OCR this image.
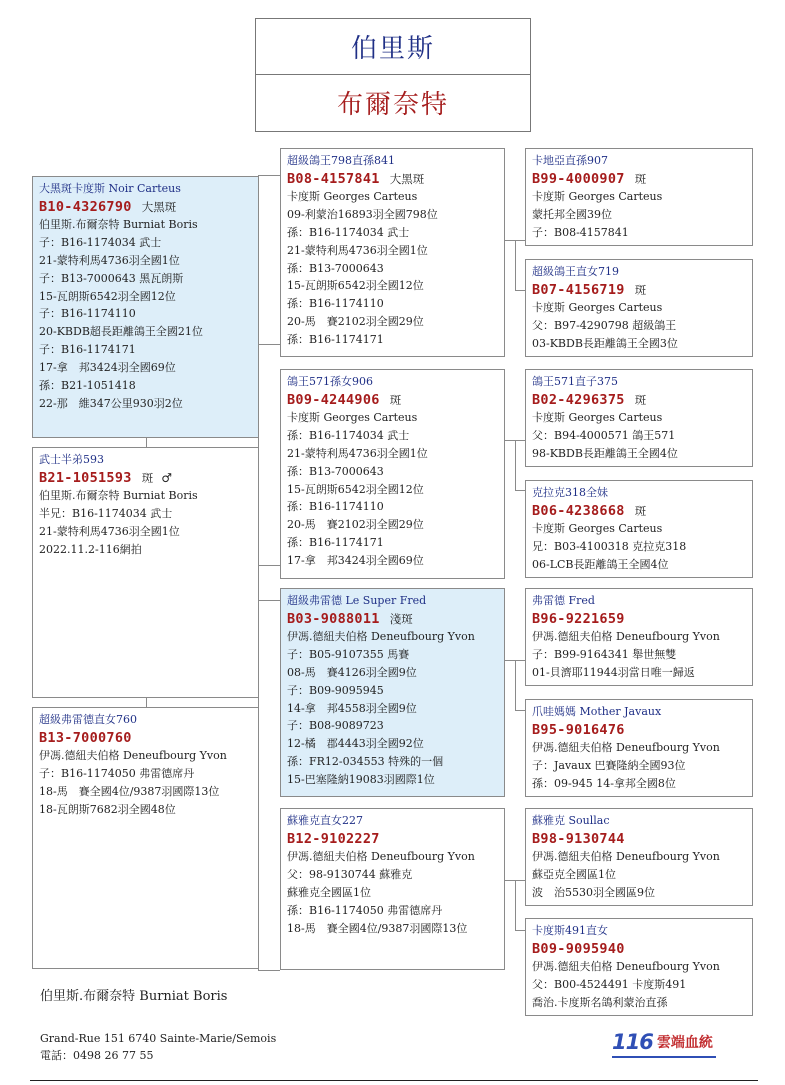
伯里斯
布爾奈特
大黑斑卡度斯 Noir Carteus
B10-4326790 大黑斑
伯里斯.布爾奈特 Burniat Boris
子：B16-1174034 武士
21-蒙特利馬4736羽全國1位
子：B13-7000643 黑瓦朗斯
15-瓦朗斯6542羽全國12位
子：B16-1174110
20-KBDB超長距離鴿王全國21位
子：B16-1174171
17-拿　邦3424羽全國69位
孫：B21-1051418
22-那　維347公里930羽2位
武士半弟593
B21-1051593 斑 ♂
伯里斯.布爾奈特 Burniat Boris
半兄：B16-1174034 武士
21-蒙特利馬4736羽全國1位
2022.11.2-116網拍
超級弗雷德直女760
B13-7000760
伊馮.德紐夫伯格 Deneufbourg Yvon
子：B16-1174050 弗雷德席丹
18-馬　賽全國4位/9387羽國際13位
18-瓦朗斯7682羽全國48位
超級鴿王798直孫841
B08-4157841 大黑斑
卡度斯 Georges Carteus
09-利蒙治16893羽全國798位
孫：B16-1174034 武士
21-蒙特利馬4736羽全國1位
孫：B13-7000643
15-瓦朗斯6542羽全國12位
孫：B16-1174110
20-馬　賽2102羽全國29位
孫：B16-1174171
鴿王571孫女906
B09-4244906 斑
卡度斯 Georges Carteus
孫：B16-1174034 武士
21-蒙特利馬4736羽全國1位
孫：B13-7000643
15-瓦朗斯6542羽全國12位
孫：B16-1174110
20-馬　賽2102羽全國29位
孫：B16-1174171
17-拿　邦3424羽全國69位
超級弗雷德 Le Super Fred
B03-9088011 淺斑
伊馮.德紐夫伯格 Deneufbourg Yvon
子：B05-9107355 馬賽
08-馬　賽4126羽全國9位
子：B09-9095945
14-拿　邦4558羽全國9位
子：B08-9089723
12-橘　郡4443羽全國92位
孫：FR12-034553 特殊的一個
15-巴塞隆納19083羽國際1位
蘇雅克直女227
B12-9102227
伊馮.德紐夫伯格 Deneufbourg Yvon
父：98-9130744 蘇雅克
蘇雅克全國區1位
孫：B16-1174050 弗雷德席丹
18-馬　賽全國4位/9387羽國際13位
卡地亞直孫907
B99-4000907 斑
卡度斯 Georges Carteus
蒙托邦全國39位
子：B08-4157841
超級鴿王直女719
B07-4156719 斑
卡度斯 Georges Carteus
父：B97-4290798 超級鴿王
03-KBDB長距離鴿王全國3位
鴿王571直子375
B02-4296375 斑
卡度斯 Georges Carteus
父：B94-4000571 鴿王571
98-KBDB長距離鴿王全國4位
克拉克318全妹
B06-4238668 斑
卡度斯 Georges Carteus
兄：B03-4100318 克拉克318
06-LCB長距離鴿王全國4位
弗雷德 Fred
B96-9221659
伊馮.德紐夫伯格 Deneufbourg Yvon
子：B99-9164341 舉世無雙
01-貝濟耶11944羽當日唯一歸返
爪哇媽媽 Mother Javaux
B95-9016476
伊馮.德紐夫伯格 Deneufbourg Yvon
子：Javaux 巴賽隆納全國93位
孫：09-945 14-拿邦全國8位
蘇雅克 Soullac
B98-9130744
伊馮.德紐夫伯格 Deneufbourg Yvon
蘇亞克全國區1位
波　治5530羽全國區9位
卡度斯491直女
B09-9095940
伊馮.德紐夫伯格 Deneufbourg Yvon
父：B00-4524491 卡度斯491
喬治.卡度斯名鴿利蒙治直孫
伯里斯.布爾奈特 Burniat Boris
Grand-Rue 151 6740 Sainte-Marie/Semois
電話：0498 26 77 55
116 雲端血統
